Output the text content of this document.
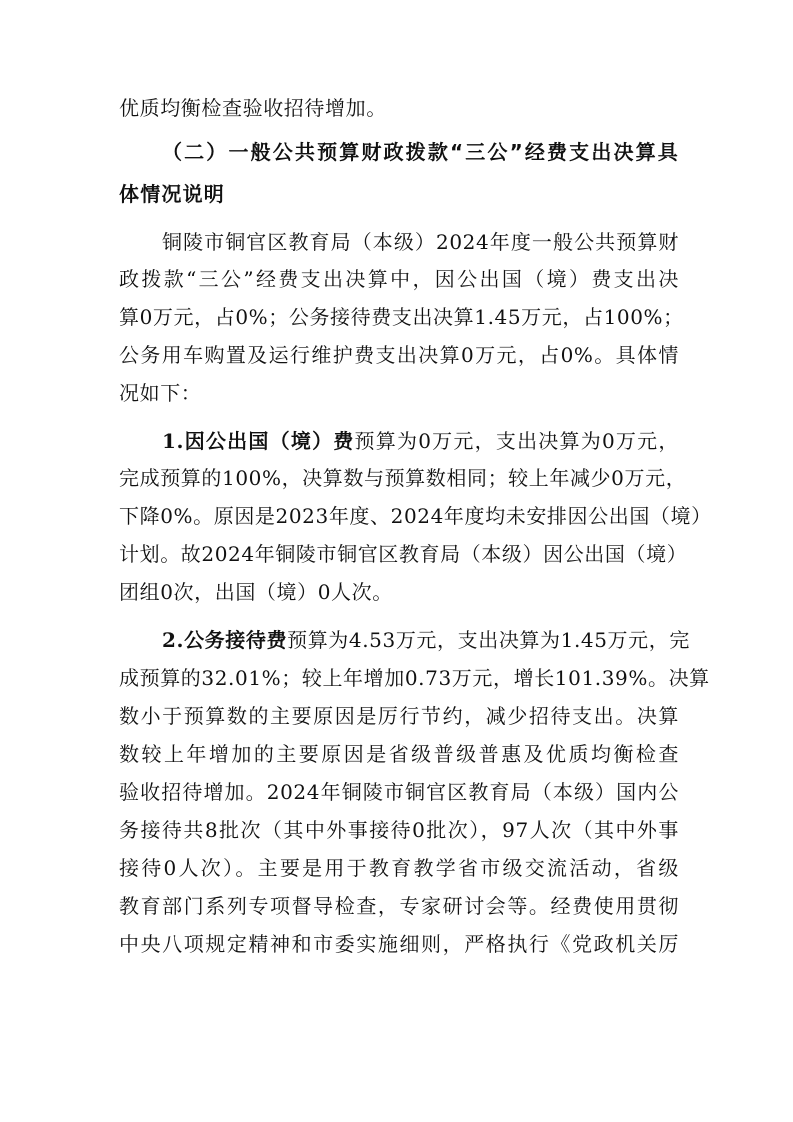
优质均衡检查验收招待增加。
（二）一般公共预算财政拨款“三公”经费支出决算具
体情况说明
铜陵市铜官区教育局（本级）2024年度一般公共预算财
政拨款“三公”经费支出决算中，因公出国（境）费支出决
算0万元，占0%；公务接待费支出决算1.45万元，占100%；
公务用车购置及运行维护费支出决算0万元，占0%。具体情
况如下：
1.因公出国（境）费预算为0万元，支出决算为0万元，
完成预算的100%，决算数与预算数相同；较上年减少0万元，
下降0%。原因是2023年度、2024年度均未安排因公出国（境）
计划。故2024年铜陵市铜官区教育局（本级）因公出国（境）
团组0次，出国（境）0人次。
2.公务接待费预算为4.53万元，支出决算为1.45万元，完
成预算的32.01%；较上年增加0.73万元，增长101.39%。决算
数小于预算数的主要原因是厉行节约，减少招待支出。决算
数较上年增加的主要原因是省级普级普惠及优质均衡检查
验收招待增加。2024年铜陵市铜官区教育局（本级）国内公
务接待共8批次（其中外事接待0批次），97人次（其中外事
接待0人次）。主要是用于教育教学省市级交流活动，省级
教育部门系列专项督导检查，专家研讨会等。经费使用贯彻
中央八项规定精神和市委实施细则，严格执行《党政机关厉
